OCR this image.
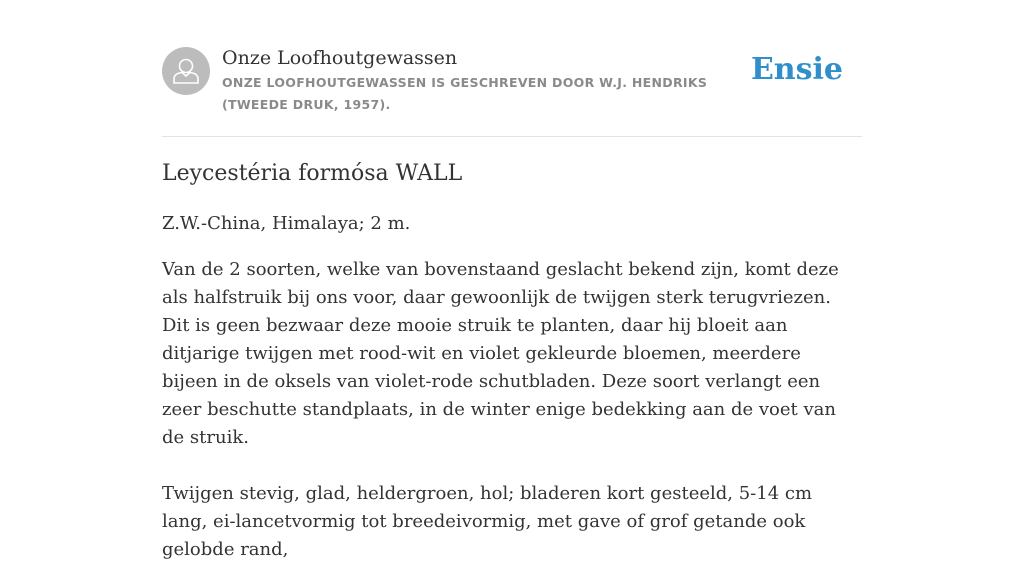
Onze Loofhoutgewassen
ONZE LOOFHOUTGEWASSEN IS GESCHREVEN DOOR W.J. HENDRIKS (TWEEDE DRUK, 1957).
Ensie
Leycestéria formósa WALL

Z.W.-China, Himalaya; 2 m.

Van de 2 soorten, welke van bovenstaand geslacht bekend zijn, komt deze als halfstruik bij ons voor, daar gewoonlijk de twijgen sterk terugvriezen. Dit is geen bezwaar deze mooie struik te planten, daar hij bloeit aan ditjarige twijgen met rood-wit en violet gekleurde bloemen, meerdere bijeen in de oksels van violet-rode schutbladen. Deze soort verlangt een zeer beschutte standplaats, in de winter enige bedekking aan de voet van de struik.

Twijgen stevig, glad, heldergroen, hol; bladeren kort gesteeld, 5-14 cm lang, ei-lancetvormig tot breedeivormig, met gave of grof getande ook gelobde rand,
